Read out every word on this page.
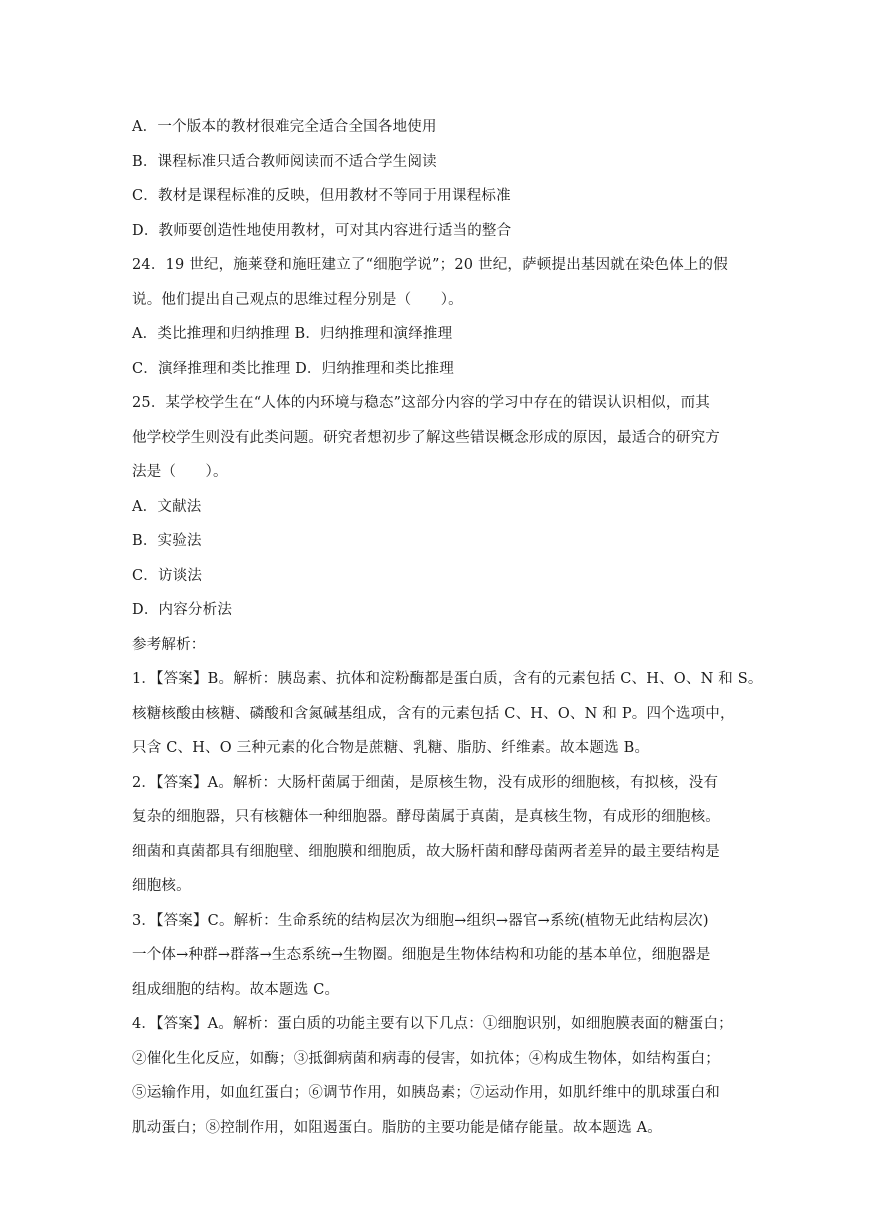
A．一个版本的教材很难完全适合全国各地使用

B．课程标准只适合教师阅读而不适合学生阅读

C．教材是课程标准的反映，但用教材不等同于用课程标准

D．教师要创造性地使用教材，可对其内容进行适当的整合

24．19 世纪，施莱登和施旺建立了“细胞学说”；20 世纪，萨顿提出基因就在染色体上的假

说。他们提出自己观点的思维过程分别是（　　）。

A．类比推理和归纳推理 B．归纳推理和演绎推理

C．演绎推理和类比推理 D．归纳推理和类比推理

25．某学校学生在“人体的内环境与稳态”这部分内容的学习中存在的错误认识相似，而其

他学校学生则没有此类问题。研究者想初步了解这些错误概念形成的原因，最适合的研究方

法是（　　）。

A．文献法

B．实验法

C．访谈法

D．内容分析法

参考解析：

1．【答案】B。解析：胰岛素、抗体和淀粉酶都是蛋白质，含有的元素包括 C、H、O、N 和 S。

核糖核酸由核糖、磷酸和含氮碱基组成，含有的元素包括 C、H、O、N 和 P。四个选项中，

只含 C、H、O 三种元素的化合物是蔗糖、乳糖、脂肪、纤维素。故本题选 B。

2．【答案】A。解析：大肠杆菌属于细菌，是原核生物，没有成形的细胞核，有拟核，没有

复杂的细胞器，只有核糖体一种细胞器。酵母菌属于真菌，是真核生物，有成形的细胞核。

细菌和真菌都具有细胞壁、细胞膜和细胞质，故大肠杆菌和酵母菌两者差异的最主要结构是

细胞核。

3．【答案】C。解析：生命系统的结构层次为细胞→组织→器官→系统(植物无此结构层次)

一个体→种群→群落→生态系统→生物圈。细胞是生物体结构和功能的基本单位，细胞器是

组成细胞的结构。故本题选 C。

4．【答案】A。解析：蛋白质的功能主要有以下几点：①细胞识别，如细胞膜表面的糖蛋白；

②催化生化反应，如酶；③抵御病菌和病毒的侵害，如抗体；④构成生物体，如结构蛋白；

⑤运输作用，如血红蛋白；⑥调节作用，如胰岛素；⑦运动作用，如肌纤维中的肌球蛋白和

肌动蛋白；⑧控制作用，如阻遏蛋白。脂肪的主要功能是储存能量。故本题选 A。
